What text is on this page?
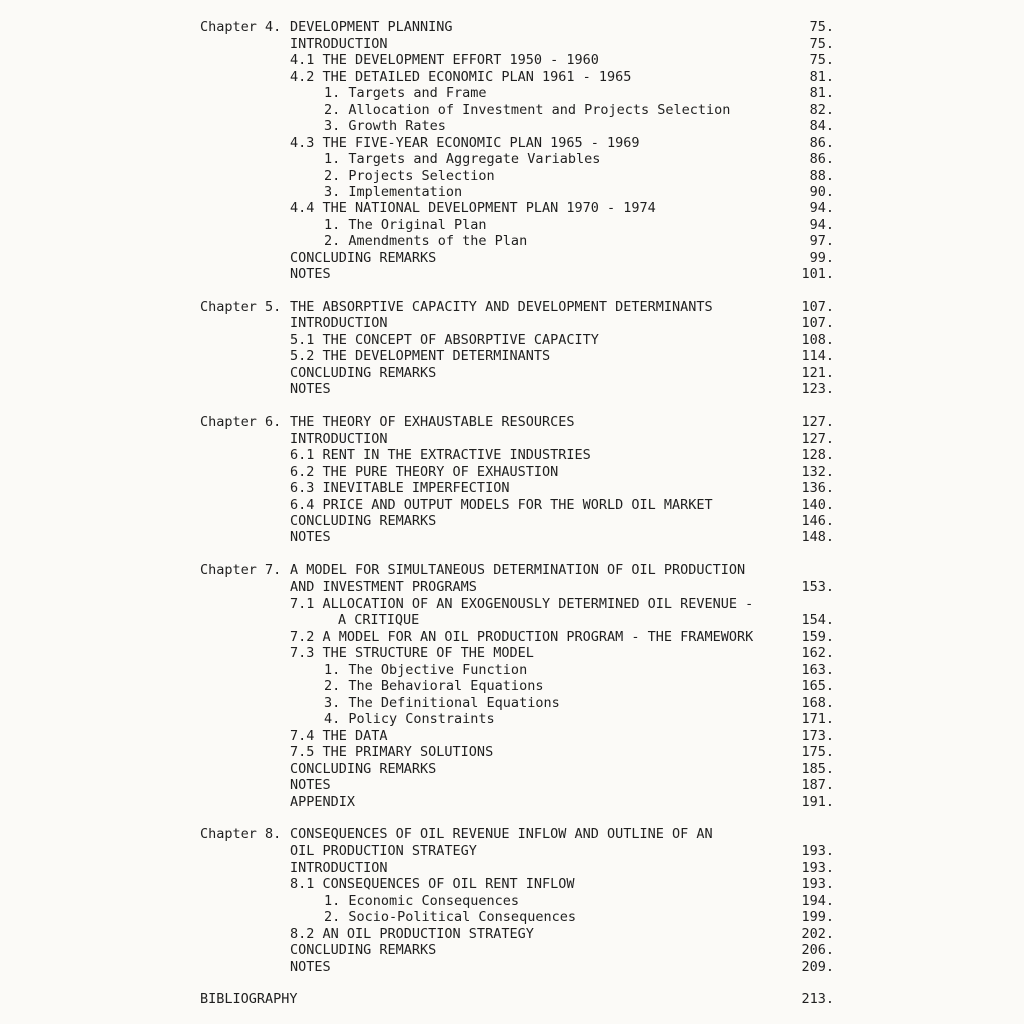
Chapter 4. DEVELOPMENT PLANNING	75.
INTRODUCTION	75.
4.1 THE DEVELOPMENT EFFORT 1950 - 1960	75.
4.2 THE DETAILED ECONOMIC PLAN 1961 - 1965	81.
1. Targets and Frame	81.
2. Allocation of Investment and Projects Selection	82.
3. Growth Rates	84.
4.3 THE FIVE-YEAR ECONOMIC PLAN 1965 - 1969	86.
1. Targets and Aggregate Variables	86.
2. Projects Selection	88.
3. Implementation	90.
4.4 THE NATIONAL DEVELOPMENT PLAN 1970 - 1974	94.
1. The Original Plan	94.
2. Amendments of the Plan	97.
CONCLUDING REMARKS	99.
NOTES	101.
Chapter 5. THE ABSORPTIVE CAPACITY AND DEVELOPMENT DETERMINANTS	107.
INTRODUCTION	107.
5.1 THE CONCEPT OF ABSORPTIVE CAPACITY	108.
5.2 THE DEVELOPMENT DETERMINANTS	114.
CONCLUDING REMARKS	121.
NOTES	123.
Chapter 6. THE THEORY OF EXHAUSTABLE RESOURCES	127.
INTRODUCTION	127.
6.1 RENT IN THE EXTRACTIVE INDUSTRIES	128.
6.2 THE PURE THEORY OF EXHAUSTION	132.
6.3 INEVITABLE IMPERFECTION	136.
6.4 PRICE AND OUTPUT MODELS FOR THE WORLD OIL MARKET	140.
CONCLUDING REMARKS	146.
NOTES	148.
Chapter 7. A MODEL FOR SIMULTANEOUS DETERMINATION OF OIL PRODUCTION
AND INVESTMENT PROGRAMS	153.
7.1 ALLOCATION OF AN EXOGENOUSLY DETERMINED OIL REVENUE -
A CRITIQUE	154.
7.2 A MODEL FOR AN OIL PRODUCTION PROGRAM - THE FRAMEWORK	159.
7.3 THE STRUCTURE OF THE MODEL	162.
1. The Objective Function	163.
2. The Behavioral Equations	165.
3. The Definitional Equations	168.
4. Policy Constraints	171.
7.4 THE DATA	173.
7.5 THE PRIMARY SOLUTIONS	175.
CONCLUDING REMARKS	185.
NOTES	187.
APPENDIX	191.
Chapter 8. CONSEQUENCES OF OIL REVENUE INFLOW AND OUTLINE OF AN
OIL PRODUCTION STRATEGY	193.
INTRODUCTION	193.
8.1 CONSEQUENCES OF OIL RENT INFLOW	193.
1. Economic Consequences	194.
2. Socio-Political Consequences	199.
8.2 AN OIL PRODUCTION STRATEGY	202.
CONCLUDING REMARKS	206.
NOTES	209.
BIBLIOGRAPHY	213.
